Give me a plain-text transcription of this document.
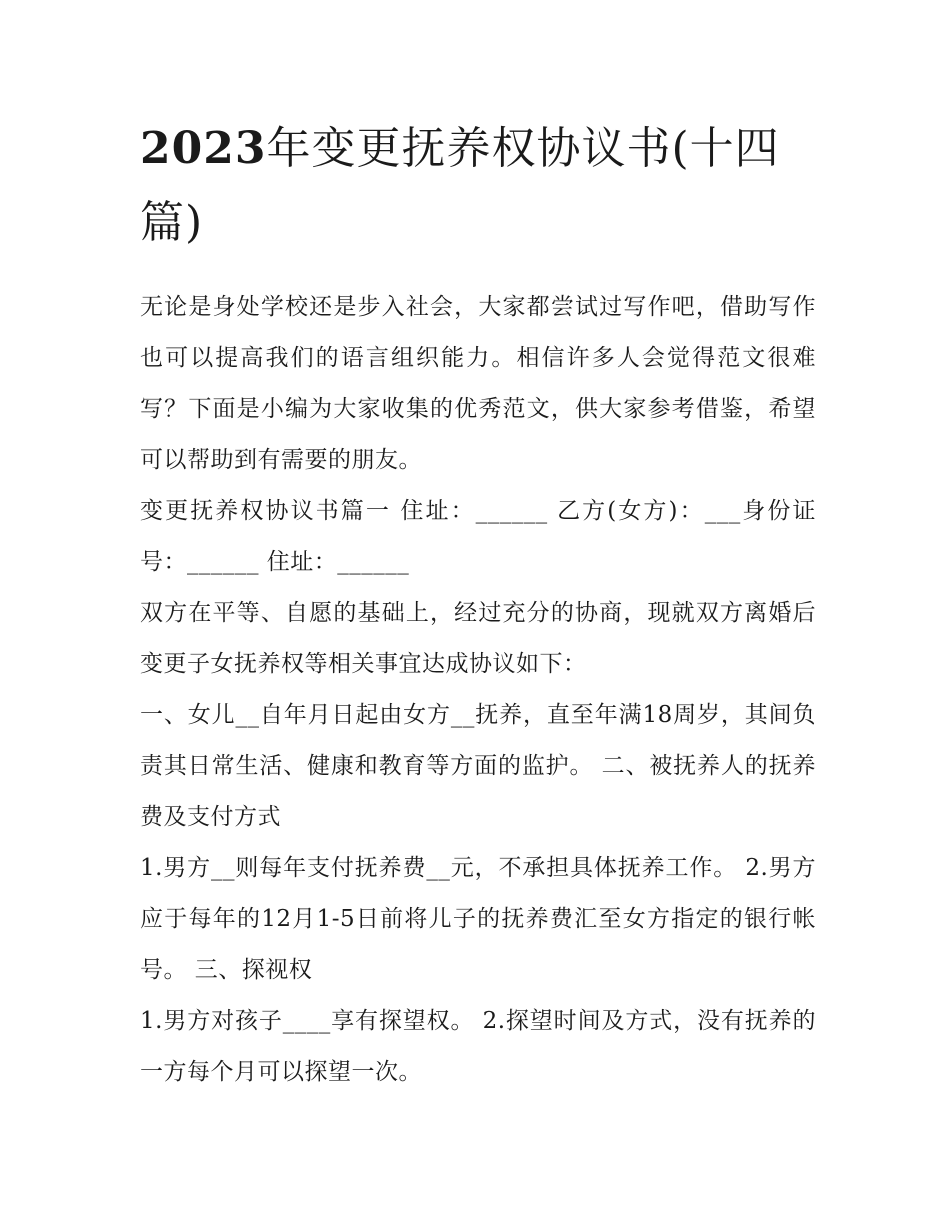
2023年变更抚养权协议书(十四篇)

无论是身处学校还是步入社会，大家都尝试过写作吧，借助写作也可以提高我们的语言组织能力。相信许多人会觉得范文很难写？下面是小编为大家收集的优秀范文，供大家参考借鉴，希望可以帮助到有需要的朋友。

变更抚养权协议书篇一 住址：______ 乙方(女方)：___身份证号：______ 住址：______

双方在平等、自愿的基础上，经过充分的协商，现就双方离婚后变更子女抚养权等相关事宜达成协议如下：

一、女儿__自年月日起由女方__抚养，直至年满18周岁，其间负责其日常生活、健康和教育等方面的监护。 二、被抚养人的抚养费及支付方式

1.男方__则每年支付抚养费__元，不承担具体抚养工作。 2.男方应于每年的12月1-5日前将儿子的抚养费汇至女方指定的银行帐号。 三、探视权

1.男方对孩子____享有探望权。 2.探望时间及方式，没有抚养的一方每个月可以探望一次。
